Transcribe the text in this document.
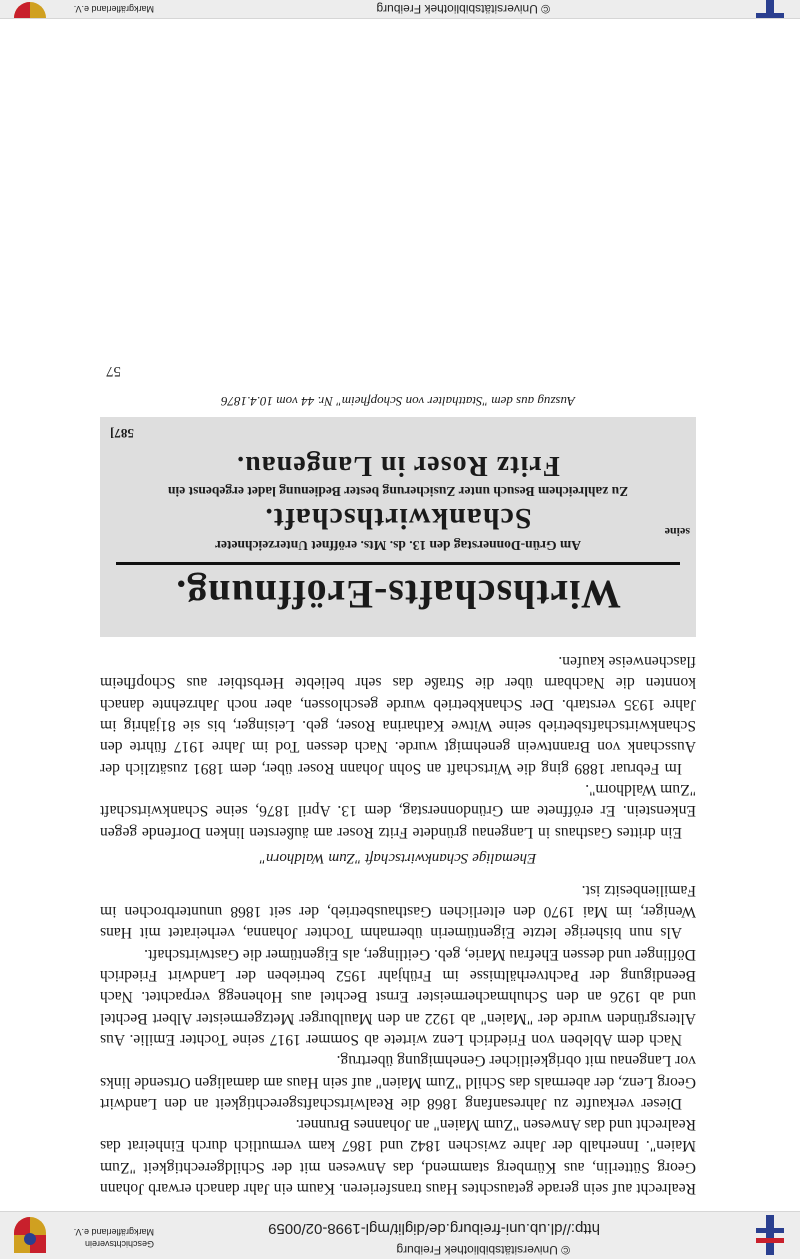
© Universitätsbibliothek Freiburg
http://dl.ub.uni-freiburg.de/diglit/mgl-1998-02/0059
Geschichtsverein
Markgräflerland e.V.

Realrecht auf sein gerade getauschtes Haus transferieren. Kaum ein Jahr danach erwarb Johann Georg Sütterlin, aus Kürnberg stammend, das Anwesen mit der Schildgerechtigkeit "Zum Maien". Innerhalb der Jahre zwischen 1842 und 1867 kam vermutlich durch Einheirat das Realrecht und das Anwesen "Zum Maien" an Johannes Brunner.

Dieser verkaufte zu Jahresanfang 1868 die Realwirtschaftsgerechtigkeit an den Landwirt Georg Lenz, der abermals das Schild "Zum Maien" auf sein Haus am damaligen Ortsende links vor Langenau mit obrigkeitlicher Genehmigung übertrug.

Nach dem Ableben von Friedrich Lenz wirtete ab Sommer 1917 seine Tochter Emilie. Aus Altersgründen wurde der "Maien" ab 1922 an den Maulburger Metzgermeister Albert Bechtel und ab 1926 an den Schuhmachermeister Ernst Bechtel aus Hohenegg verpachtet. Nach Beendigung der Pachtverhältnisse im Frühjahr 1952 betrieben der Landwirt Friedrich Döflinger und dessen Ehefrau Marie, geb. Geitlinger, als Eigentümer die Gastwirtschaft.

Als nun bisherige letzte Eigentümerin übernahm Tochter Johanna, verheiratet mit Hans Weniger, im Mai 1970 den elterlichen Gasthausbetrieb, der seit 1868 ununterbrochen im Familienbesitz ist.

Ehemalige Schankwirtschaft "Zum Waldhorn"

Ein drittes Gasthaus in Langenau gründete Fritz Roser am äußersten linken Dorfende gegen Enkenstein. Er eröffnete am Gründonnerstag, dem 13. April 1876, seine Schankwirtschaft "Zum Waldhorn".

Im Februar 1889 ging die Wirtschaft an Sohn Johann Roser über, dem 1891 zusätzlich der Ausschank von Branntwein genehmigt wurde. Nach dessen Tod im Jahre 1917 führte den Schankwirtschaftsbetrieb seine Witwe Katharina Roser, geb. Leisinger, bis sie 81jährig im Jahre 1935 verstarb. Der Schankbetrieb wurde geschlossen, aber noch Jahrzehnte danach konnten die Nachbarn über die Straße das sehr beliebte Herbstbier aus Schopfheim flaschenweise kaufen.

Wirthschafts-Eröffnung.
Am Grün-Donnerstag den 13. ds. Mts. eröffnet Unterzeichneter
seine
Schankwirthschaft.
Zu zahlreichem Besuch unter Zusicherung bester Bedienung ladet ergebenst ein
Fritz Roser in Langenau.
587]
Auszug aus dem "Statthalter von Schopfheim" Nr. 44 vom 10.4.1876
57
© Universitätsbibliothek Freiburg
Markgräflerland e.V.
